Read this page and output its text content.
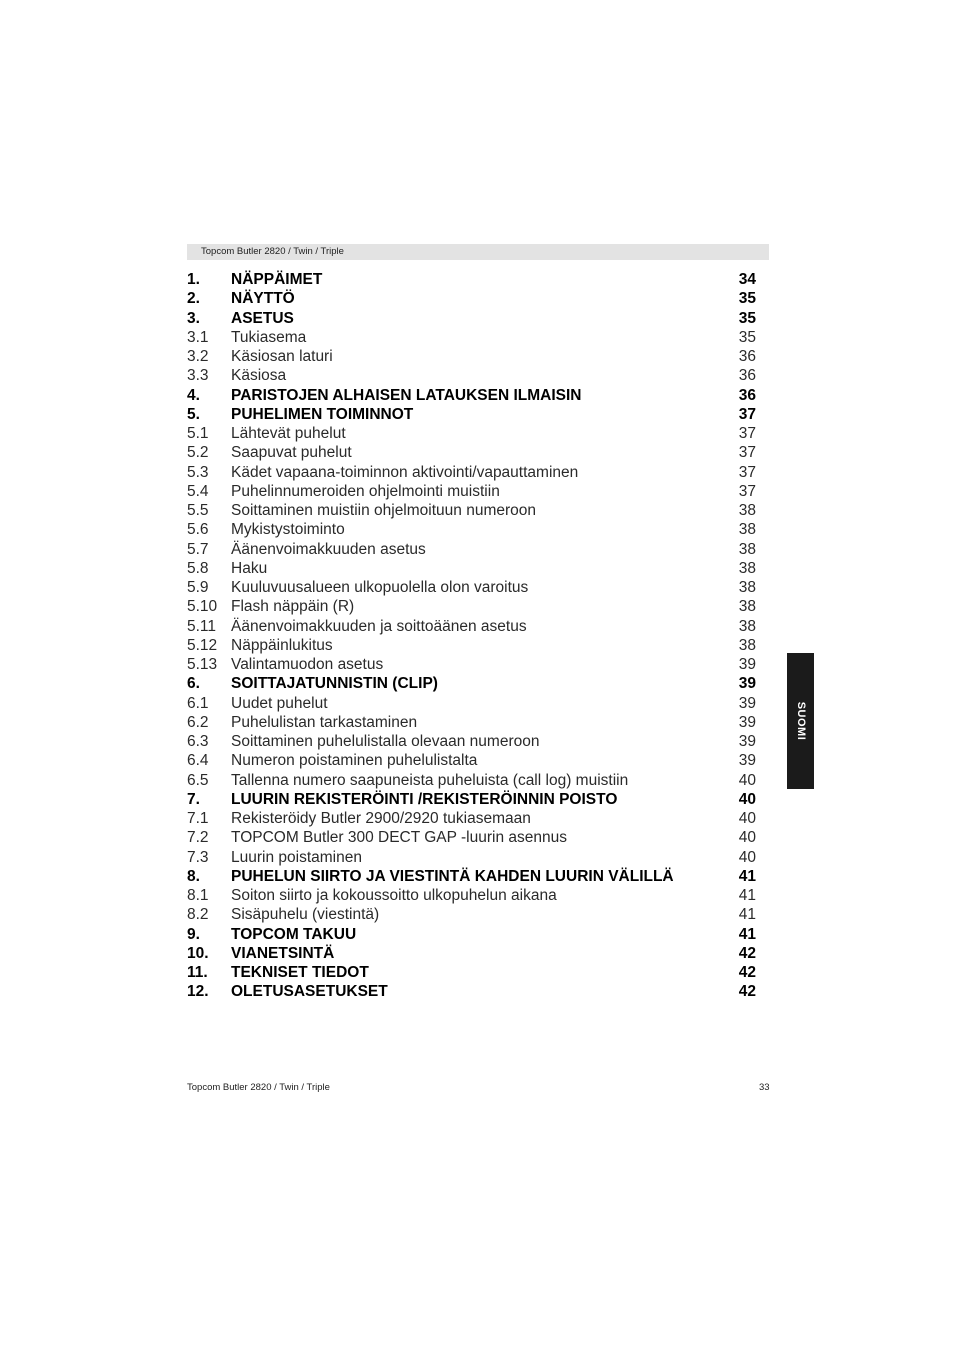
Topcom Butler 2820 / Twin / Triple
1. NÄPPÄIMET	34
2. NÄYTTÖ	35
3. ASETUS	35
3.1 Tukiasema	35
3.2 Käsiosan laturi	36
3.3 Käsiosa	36
4. PARISTOJEN ALHAISEN LATAUKSEN ILMAISIN	36
5. PUHELIMEN TOIMINNOT	37
5.1 Lähtevät puhelut	37
5.2 Saapuvat puhelut	37
5.3 Kädet vapaana-toiminnon aktivointi/vapauttaminen	37
5.4 Puhelinnumeroiden ohjelmointi muistiin	37
5.5 Soittaminen muistiin ohjelmoituun numeroon	38
5.6 Mykistystoiminto	38
5.7 Äänenvoimakkuuden asetus	38
5.8 Haku	38
5.9 Kuuluvuusalueen ulkopuolella olon varoitus	38
5.10 Flash näppäin (R)	38
5.11 Äänenvoimakkuuden ja soittoäänen asetus	38
5.12 Näppäinlukitus	38
5.13 Valintamuodon asetus	39
6. SOITTAJATUNNISTIN (CLIP)	39
6.1 Uudet puhelut	39
6.2 Puhelulistan tarkastaminen	39
6.3 Soittaminen puhelulistalla olevaan numeroon	39
6.4 Numeron poistaminen puhelulistalta	39
6.5 Tallenna numero saapuneista puheluista (call log) muistiin	40
7. LUURIN REKISTERÖINTI /REKISTERÖINNIN POISTO	40
7.1 Rekisteröidy Butler 2900/2920 tukiasemaan	40
7.2 TOPCOM Butler 300 DECT GAP -luurin asennus	40
7.3 Luurin poistaminen	40
8. PUHELUN SIIRTO JA VIESTINTÄ KAHDEN LUURIN VÄLILLÄ	41
8.1 Soiton siirto ja kokoussoitto ulkopuhelun aikana	41
8.2 Sisäpuhelu (viestintä)	41
9. TOPCOM TAKUU	41
10. VIANETSINTÄ	42
11. TEKNISET TIEDOT	42
12. OLETUSASETUKSET	42
SUOMI
Topcom Butler 2820 / Twin / Triple	33
